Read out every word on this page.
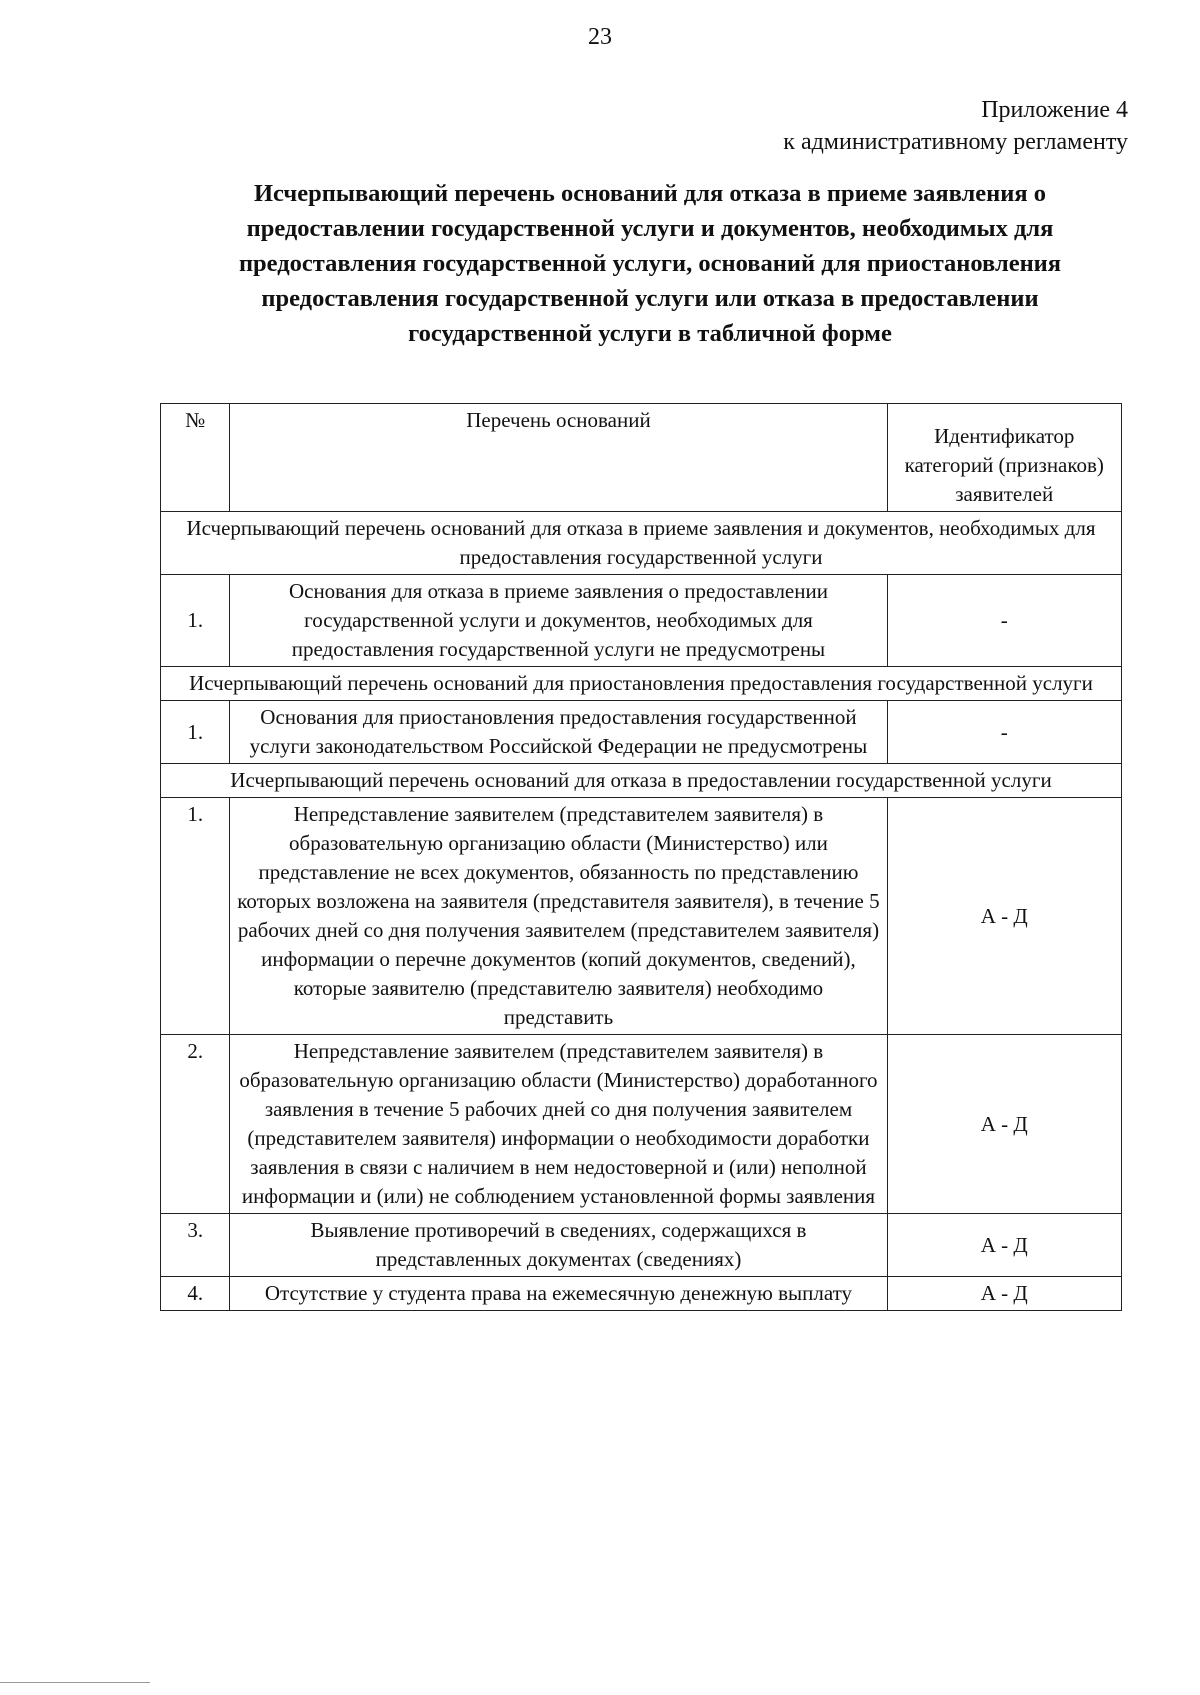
23
Приложение 4
к административному регламенту
Исчерпывающий перечень оснований для отказа в приеме заявления о предоставлении государственной услуги и документов, необходимых для предоставления государственной услуги, оснований для приостановления предоставления государственной услуги или отказа в предоставлении государственной услуги в табличной форме
№	Перечень оснований	Идентификатор категорий (признаков) заявителей
Исчерпывающий перечень оснований для отказа в приеме заявления и документов, необходимых для предоставления государственной услуги		
1.	Основания для отказа в приеме заявления о предоставлении государственной услуги и документов, необходимых для предоставления государственной услуги не предусмотрены	-
Исчерпывающий перечень оснований для приостановления предоставления государственной услуги		
1.	Основания для приостановления предоставления государственной услуги законодательством Российской Федерации не предусмотрены	-
Исчерпывающий перечень оснований для отказа в предоставлении государственной услуги		
1.	Непредставление заявителем (представителем заявителя) в образовательную организацию области (Министерство) или представление не всех документов, обязанность по представлению которых возложена на заявителя (представителя заявителя), в течение 5 рабочих дней со дня получения заявителем (представителем заявителя) информации о перечне документов (копий документов, сведений), которые заявителю (представителю заявителя) необходимо представить	А - Д
2.	Непредставление заявителем (представителем заявителя) в образовательную организацию области (Министерство) доработанного заявления в течение 5 рабочих дней со дня получения заявителем (представителем заявителя) информации о необходимости доработки заявления в связи с наличием в нем недостоверной и (или) неполной информации и (или) не соблюдением установленной формы заявления	А - Д
3.	Выявление противоречий в сведениях, содержащихся в представленных документах (сведениях)	А - Д
4.	Отсутствие у студента права на ежемесячную денежную выплату	А - Д
